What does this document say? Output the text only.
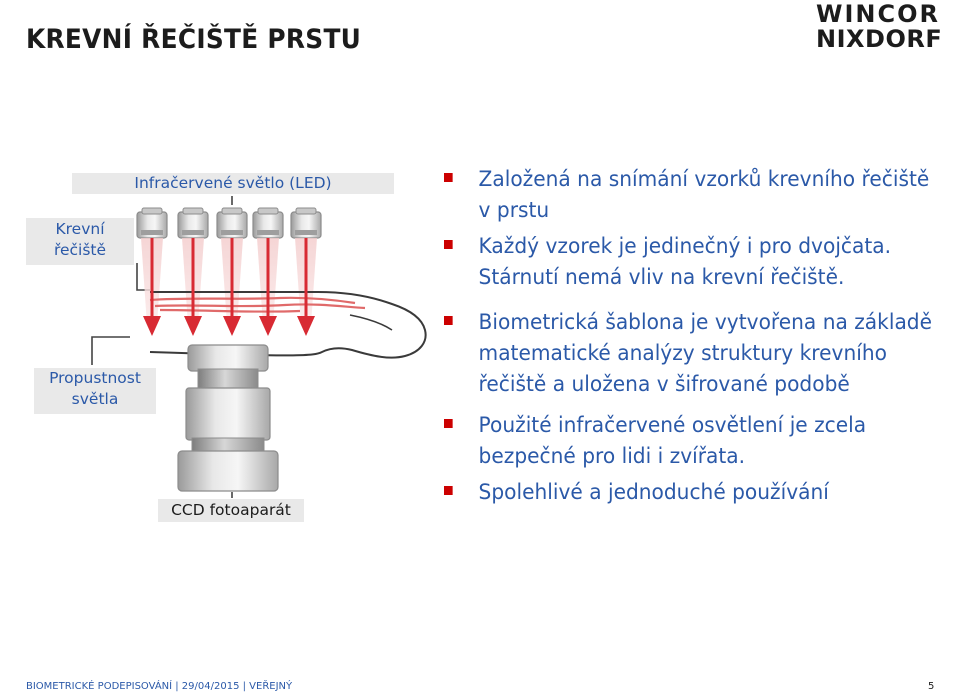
KREVNÍ ŘEČIŠTĚ PRSTU
WINCOR
NIXDORF
Infračervené světlo (LED)
Krevní
řečiště
Propustnost
světla
CCD fotoaparát
Založená na snímání vzorků krevního řečiště v prstu
Každý vzorek je jedinečný i pro dvojčata. Stárnutí nemá vliv na krevní řečiště.
Biometrická šablona je vytvořena na základě matematické analýzy struktury krevního řečiště a uložena v šifrované podobě
Použité infračervené osvětlení je zcela bezpečné pro lidi i zvířata.
Spolehlivé a jednoduché používání
BIOMETRICKÉ PODEPISOVÁNÍ | 29/04/2015 | VEŘEJNÝ	5
